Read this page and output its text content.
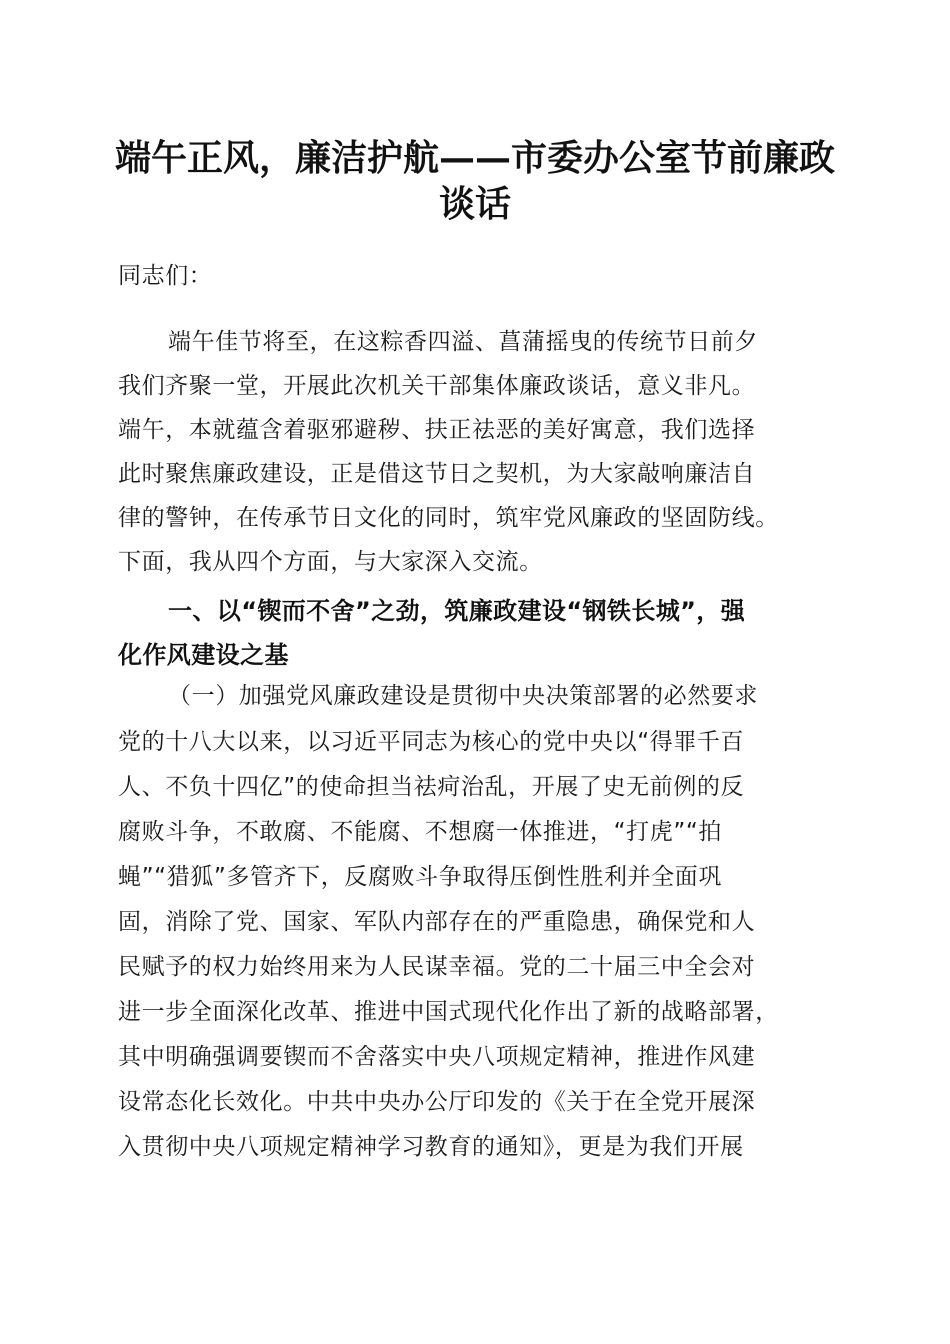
端午正风，廉洁护航——市委办公室节前廉政
谈话
同志们：
端午佳节将至，在这粽香四溢、菖蒲摇曳的传统节日前夕
我们齐聚一堂，开展此次机关干部集体廉政谈话，意义非凡。
端午，本就蕴含着驱邪避秽、扶正祛恶的美好寓意，我们选择
此时聚焦廉政建设，正是借这节日之契机，为大家敲响廉洁自
律的警钟，在传承节日文化的同时，筑牢党风廉政的坚固防线。
下面，我从四个方面，与大家深入交流。
一、以“锲而不舍”之劲，筑廉政建设“钢铁长城”，强
化作风建设之基
（一）加强党风廉政建设是贯彻中央决策部署的必然要求
党的十八大以来，以习近平同志为核心的党中央以“得罪千百
人、不负十四亿”的使命担当祛疴治乱，开展了史无前例的反
腐败斗争，不敢腐、不能腐、不想腐一体推进，“打虎”“拍
蝇”“猎狐”多管齐下，反腐败斗争取得压倒性胜利并全面巩
固，消除了党、国家、军队内部存在的严重隐患，确保党和人
民赋予的权力始终用来为人民谋幸福。党的二十届三中全会对
进一步全面深化改革、推进中国式现代化作出了新的战略部署，
其中明确强调要锲而不舍落实中央八项规定精神，推进作风建
设常态化长效化。中共中央办公厅印发的《关于在全党开展深
入贯彻中央八项规定精神学习教育的通知》，更是为我们开展
